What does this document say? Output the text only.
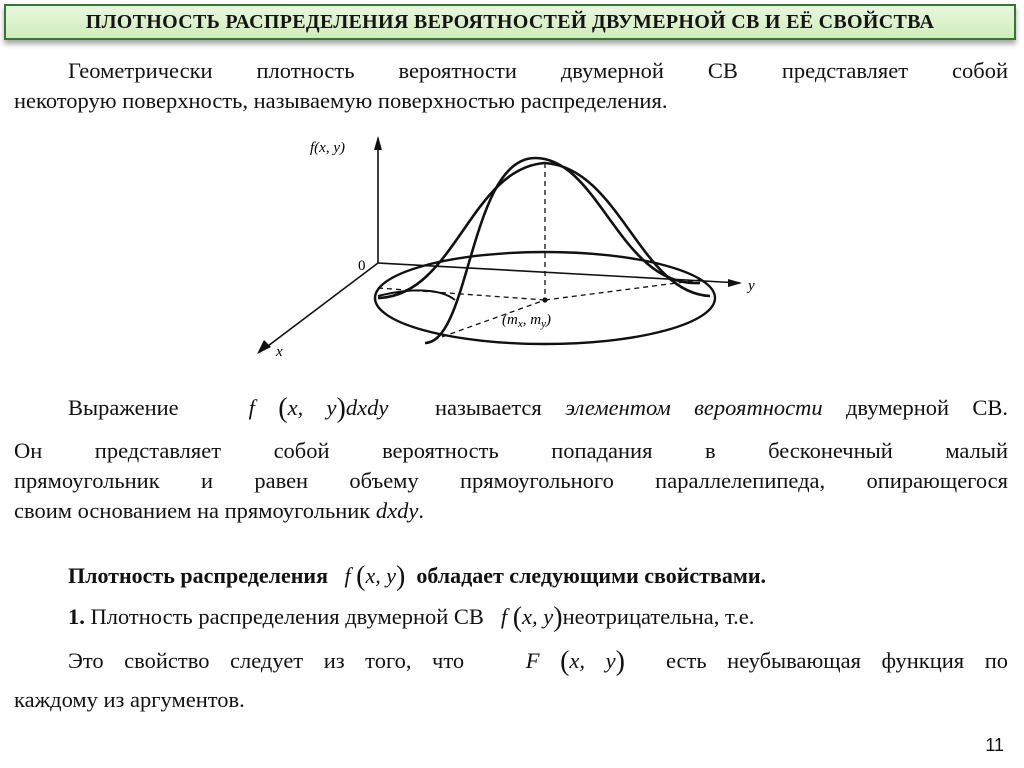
ПЛОТНОСТЬ РАСПРЕДЕЛЕНИЯ ВЕРОЯТНОСТЕЙ ДВУМЕРНОЙ СВ И ЕЁ СВОЙСТВА
Геометрически плотность вероятности двумерной СВ представляет собой
некоторую поверхность, называемую поверхностью распределения.
f(x, y)
0
y
x
($m_x$, $m_y$)
Выражение	f (x, y)dxdy называется элементом вероятности двумерной СВ.
Он представляет собой вероятность попадания в бесконечный малый
прямоугольник и равен объему прямоугольного параллелепипеда, опирающегося
своим основанием на прямоугольник dxdy.
Плотность распределения f (x, y) обладает следующими свойствами.
1. Плотность распределения двумерной СВ f (x, y)неотрицательна, т.е.
Это свойство следует из того, что	F (x, y) есть неубывающая функция по
каждому из аргументов.
11
